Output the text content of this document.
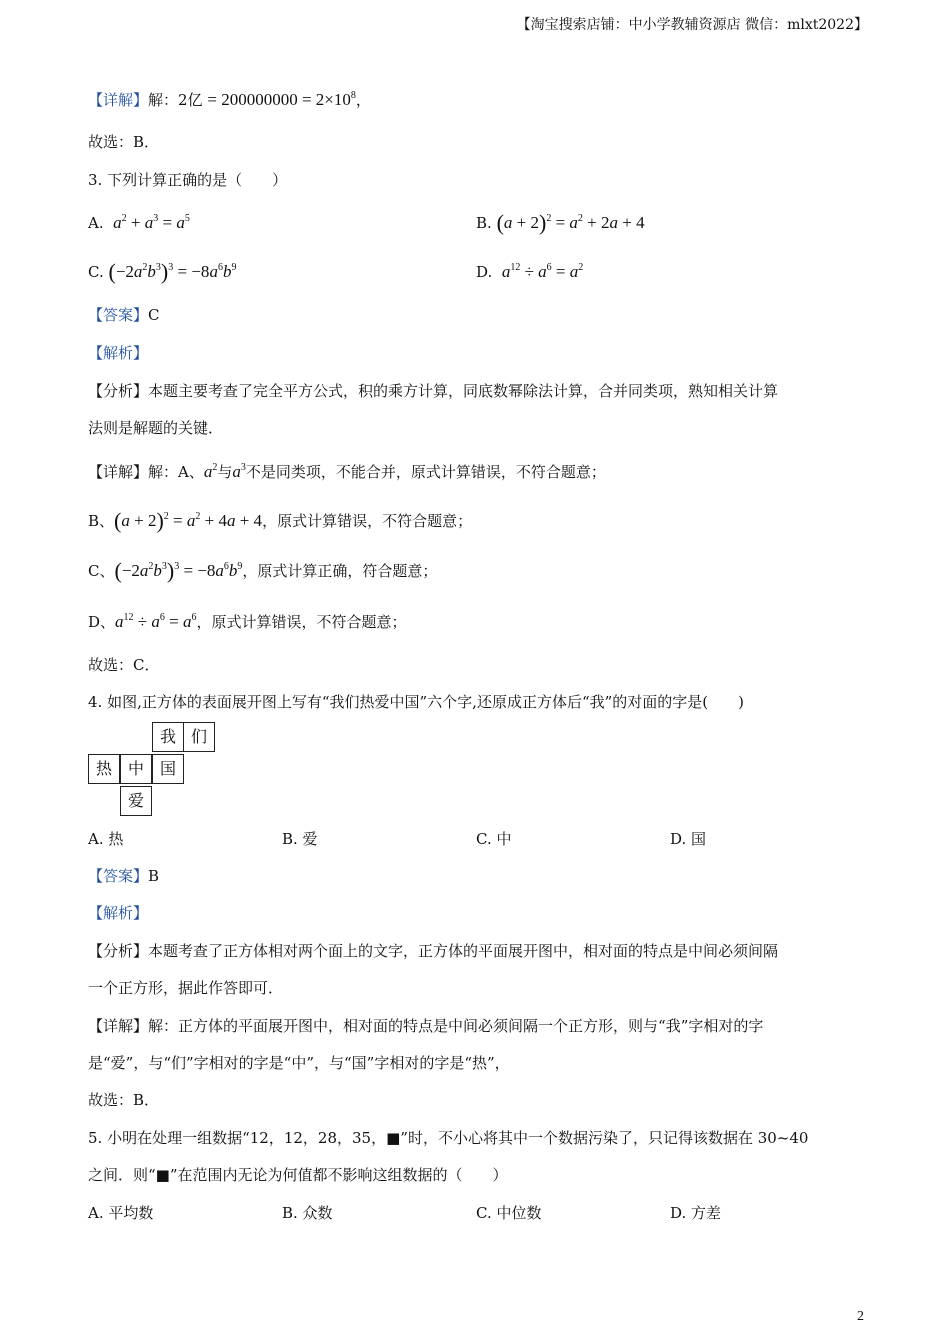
【淘宝搜索店铺：中小学教辅资源店 微信：mlxt2022】
【详解】解：2亿 = $200000000 = 2\times 10^8$，
故选：B．
3. 下列计算正确的是（　　）
A. $a^2 + a^3 = a^5$	B. $(a + 2)^2 = a^2 + 2a + 4$
C. $(-2a^2b^3)^3 = -8a^6b^9$	D. $a^{12} \div a^6 = a^2$
【答案】C
【解析】
【分析】本题主要考查了完全平方公式，积的乘方计算，同底数幂除法计算，合并同类项，熟知相关计算
法则是解题的关键．
【详解】解：A、$a^2$与$a^3$不是同类项，不能合并，原式计算错误，不符合题意；
B、$(a + 2)^2 = a^2 + 4a + 4$，原式计算错误，不符合题意；
C、$(-2a^2b^3)^3 = -8a^6b^9$，原式计算正确，符合题意；
D、$a^{12} \div a^6 = a^6$，原式计算错误，不符合题意；
故选：C．
4. 如图,正方体的表面展开图上写有“我们热爱中国”六个字,还原成正方体后“我”的对面的字是(　　)
我 们
热 中 国
爱
A. 热	B. 爱	C. 中	D. 国
【答案】B
【解析】
【分析】本题考查了正方体相对两个面上的文字，正方体的平面展开图中，相对面的特点是中间必须间隔
一个正方形，据此作答即可．
【详解】解：正方体的平面展开图中，相对面的特点是中间必须间隔一个正方形，则与“我”字相对的字
是“爱”，与“们”字相对的字是“中”，与“国”字相对的字是“热”，
故选：B．
5. 小明在处理一组数据“12，12，28，35，■”时，不小心将其中一个数据污染了，只记得该数据在 30~40
之间．则“■”在范围内无论为何值都不影响这组数据的（　　）
A. 平均数	B. 众数	C. 中位数	D. 方差
2
